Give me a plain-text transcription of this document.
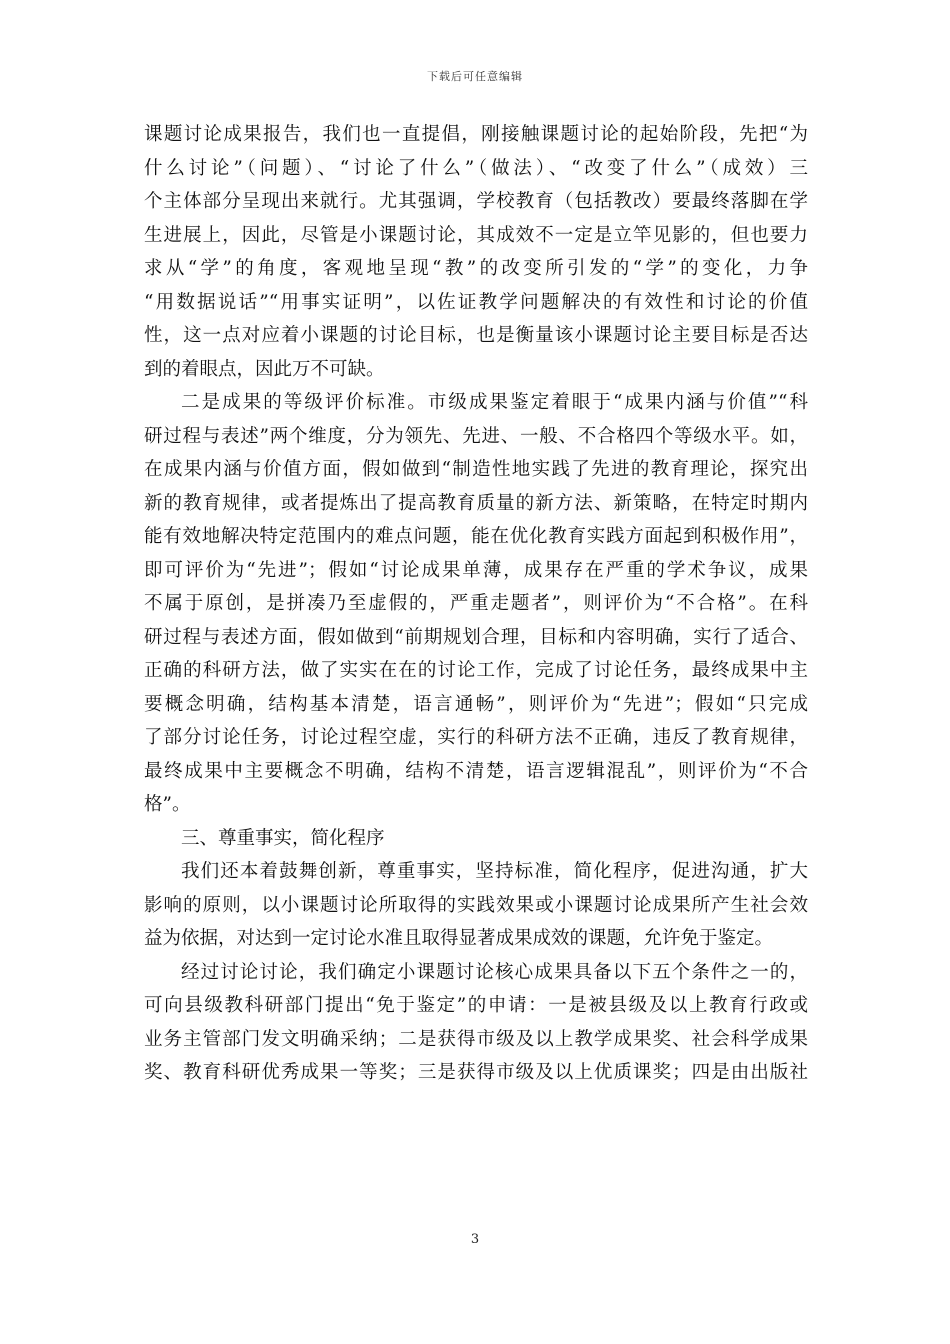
下载后可任意编辑
课题讨论成果报告，我们也一直提倡，刚接触课题讨论的起始阶段，先把“为
什么讨论”（问题）、“讨论了什么”（做法）、“改变了什么”（成效）三
个主体部分呈现出来就行。尤其强调，学校教育（包括教改）要最终落脚在学
生进展上，因此，尽管是小课题讨论，其成效不一定是立竿见影的，但也要力
求从“学”的角度，客观地呈现“教”的改变所引发的“学”的变化，力争
“用数据说话”“用事实证明”，以佐证教学问题解决的有效性和讨论的价值
性，这一点对应着小课题的讨论目标，也是衡量该小课题讨论主要目标是否达
到的着眼点，因此万不可缺。
二是成果的等级评价标准。市级成果鉴定着眼于“成果内涵与价值”“科
研过程与表述”两个维度，分为领先、先进、一般、不合格四个等级水平。如，
在成果内涵与价值方面，假如做到“制造性地实践了先进的教育理论，探究出
新的教育规律，或者提炼出了提高教育质量的新方法、新策略，在特定时期内
能有效地解决特定范围内的难点问题，能在优化教育实践方面起到积极作用”，
即可评价为“先进”；假如“讨论成果单薄，成果存在严重的学术争议，成果
不属于原创，是拼凑乃至虚假的，严重走题者”，则评价为“不合格”。在科
研过程与表述方面，假如做到“前期规划合理，目标和内容明确，实行了适合、
正确的科研方法，做了实实在在的讨论工作，完成了讨论任务，最终成果中主
要概念明确，结构基本清楚，语言通畅”，则评价为“先进”；假如“只完成
了部分讨论任务，讨论过程空虚，实行的科研方法不正确，违反了教育规律，
最终成果中主要概念不明确，结构不清楚，语言逻辑混乱”，则评价为“不合
格”。
三、尊重事实，简化程序
我们还本着鼓舞创新，尊重事实，坚持标准，简化程序，促进沟通，扩大
影响的原则，以小课题讨论所取得的实践效果或小课题讨论成果所产生社会效
益为依据，对达到一定讨论水准且取得显著成果成效的课题，允许免于鉴定。
经过讨论讨论，我们确定小课题讨论核心成果具备以下五个条件之一的，
可向县级教科研部门提出“免于鉴定”的申请：一是被县级及以上教育行政或
业务主管部门发文明确采纳；二是获得市级及以上教学成果奖、社会科学成果
奖、教育科研优秀成果一等奖；三是获得市级及以上优质课奖；四是由出版社
3
